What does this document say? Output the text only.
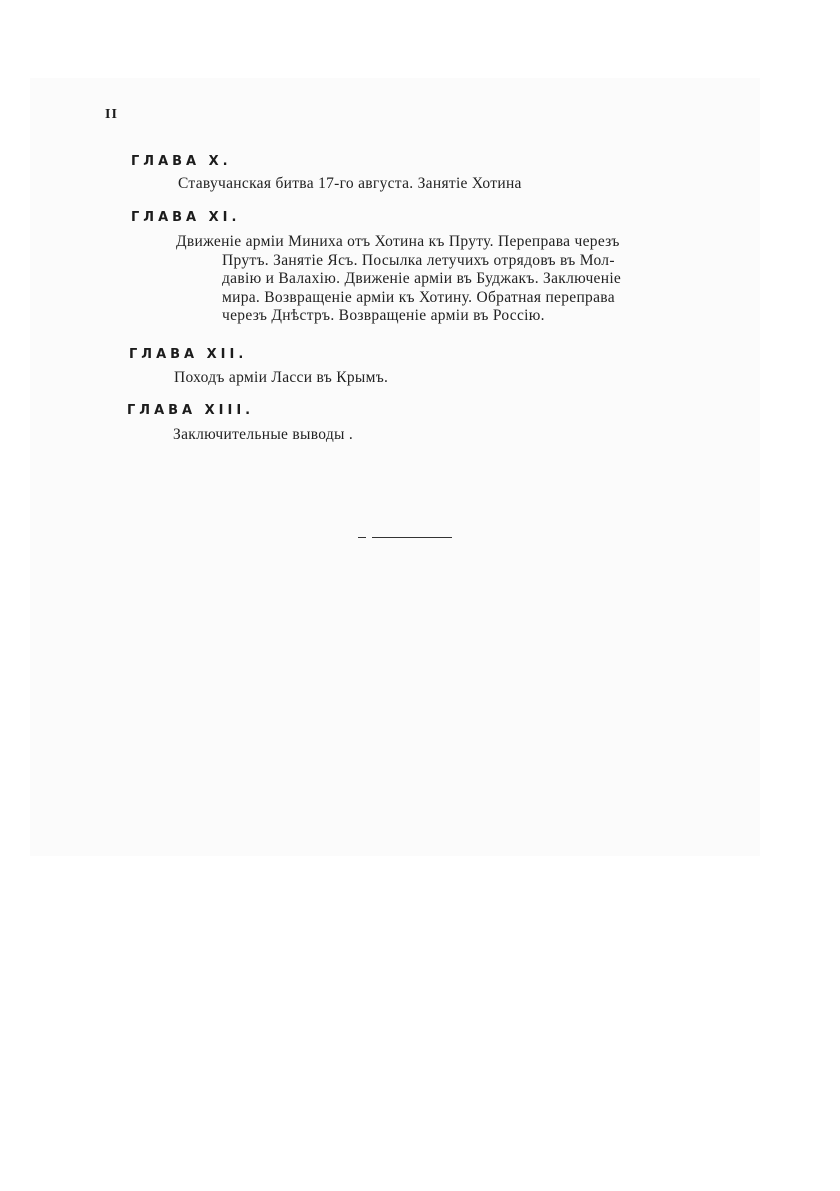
II
ГЛАВА X.
Ставучанская битва 17-го августа. Занятіе Хотина
ГЛАВА XI.
Движеніе арміи Миниха отъ Хотина къ Пруту. Переправа черезъ
Прутъ. Занятіе Ясъ. Посылка летучихъ отрядовъ въ Мол-
давію и Валахію. Движеніе арміи въ Буджакъ. Заключеніе
мира. Возвращеніе арміи къ Хотину. Обратная переправа
черезъ Днѣстръ. Возвращеніе арміи въ Россію.
ГЛАВА XII.
Походъ арміи Ласси въ Крымъ.
ГЛАВА XIII.
Заключительные выводы .
